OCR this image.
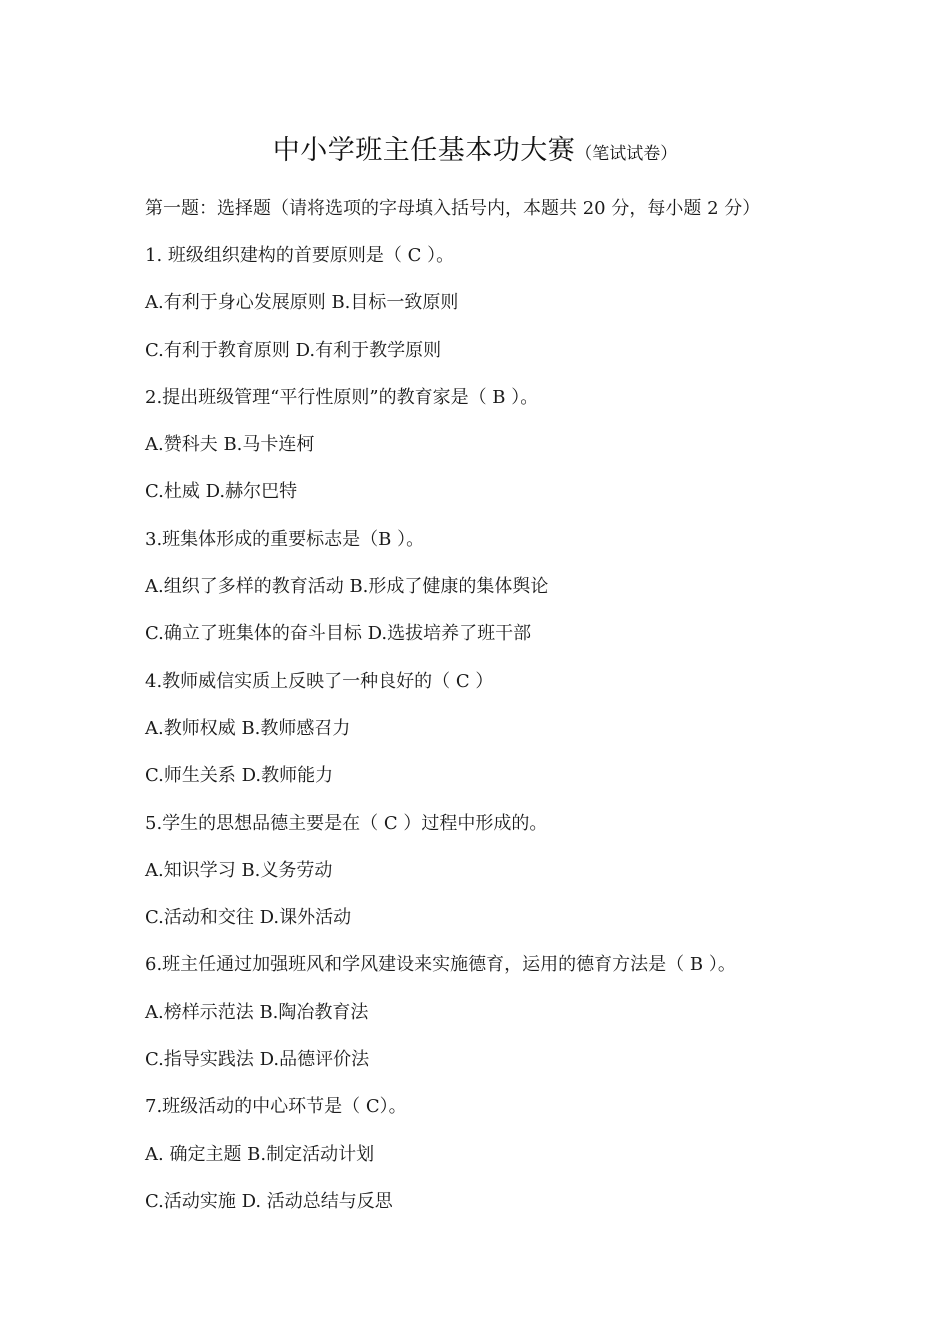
中小学班主任基本功大赛（笔试试卷）
第一题：选择题（请将选项的字母填入括号内，本题共 20 分，每小题 2 分）
1. 班级组织建构的首要原则是（ C ）。
A.有利于身心发展原则 B.目标一致原则
C.有利于教育原则 D.有利于教学原则
2.提出班级管理“平行性原则”的教育家是（ B ）。
A.赞科夫 B.马卡连柯
C.杜威 D.赫尔巴特
3.班集体形成的重要标志是（B ）。
A.组织了多样的教育活动 B.形成了健康的集体舆论
C.确立了班集体的奋斗目标 D.选拔培养了班干部
4.教师威信实质上反映了一种良好的（ C ）
A.教师权威 B.教师感召力
C.师生关系 D.教师能力
5.学生的思想品德主要是在（ C ）过程中形成的。
A.知识学习 B.义务劳动
C.活动和交往 D.课外活动
6.班主任通过加强班风和学风建设来实施德育，运用的德育方法是（ B ）。
A.榜样示范法 B.陶冶教育法
C.指导实践法 D.品德评价法
7.班级活动的中心环节是（ C）。
A. 确定主题 B.制定活动计划
C.活动实施 D. 活动总结与反思
